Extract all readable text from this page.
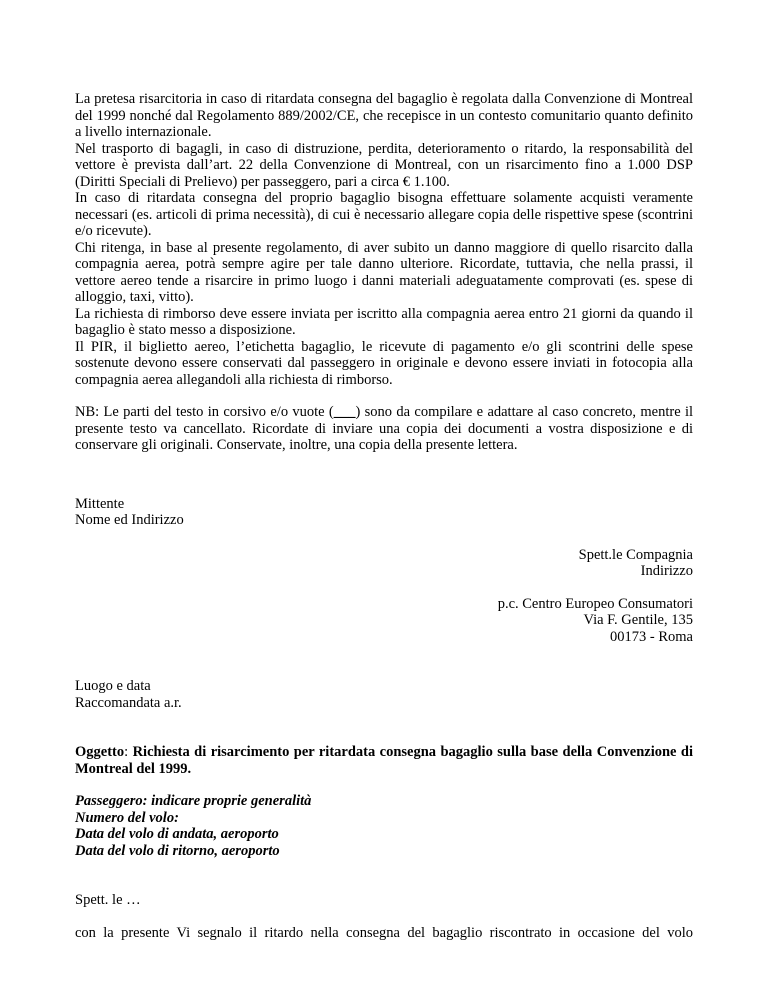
La pretesa risarcitoria in caso di ritardata consegna del bagaglio è regolata dalla Convenzione di Montreal del 1999 nonché dal Regolamento 889/2002/CE, che recepisce in un contesto comunitario quanto definito a livello internazionale.

Nel trasporto di bagagli, in caso di distruzione, perdita, deterioramento o ritardo, la responsabilità del vettore è prevista dall’art. 22 della Convenzione di Montreal, con un risarcimento fino a 1.000 DSP (Diritti Speciali di Prelievo) per passeggero, pari a circa € 1.100.

In caso di ritardata consegna del proprio bagaglio bisogna effettuare solamente acquisti veramente necessari (es. articoli di prima necessità), di cui è necessario allegare copia delle rispettive spese (scontrini e/o ricevute).

Chi ritenga, in base al presente regolamento, di aver subito un danno maggiore di quello risarcito dalla compagnia aerea, potrà sempre agire per tale danno ulteriore. Ricordate, tuttavia, che nella prassi, il vettore aereo tende a risarcire in primo luogo i danni materiali adeguatamente comprovati (es. spese di alloggio, taxi, vitto).

La richiesta di rimborso deve essere inviata per iscritto alla compagnia aerea entro 21 giorni da quando il bagaglio è stato messo a disposizione.

Il PIR, il biglietto aereo, l’etichetta bagaglio, le ricevute di pagamento e/o gli scontrini delle spese sostenute devono essere conservati dal passeggero in originale e devono essere inviati in fotocopia alla compagnia aerea allegandoli alla richiesta di rimborso.

NB: Le parti del testo in corsivo e/o vuote (___) sono da compilare e adattare al caso concreto, mentre il presente testo va cancellato. Ricordate di inviare una copia dei documenti a vostra disposizione e di conservare gli originali. Conservate, inoltre, una copia della presente lettera.

Mittente

Nome ed Indirizzo

Spett.le Compagnia

Indirizzo

p.c. Centro Europeo Consumatori

Via F. Gentile, 135

00173 - Roma

Luogo e data

Raccomandata a.r.

Oggetto: Richiesta di risarcimento per ritardata consegna bagaglio sulla base della Convenzione di Montreal del 1999.

Passeggero: indicare proprie generalità

Numero del volo:

Data del volo di andata, aeroporto

Data del volo di ritorno, aeroporto

Spett. le …

con la presente Vi segnalo il ritardo nella consegna del bagaglio riscontrato in occasione del volo
